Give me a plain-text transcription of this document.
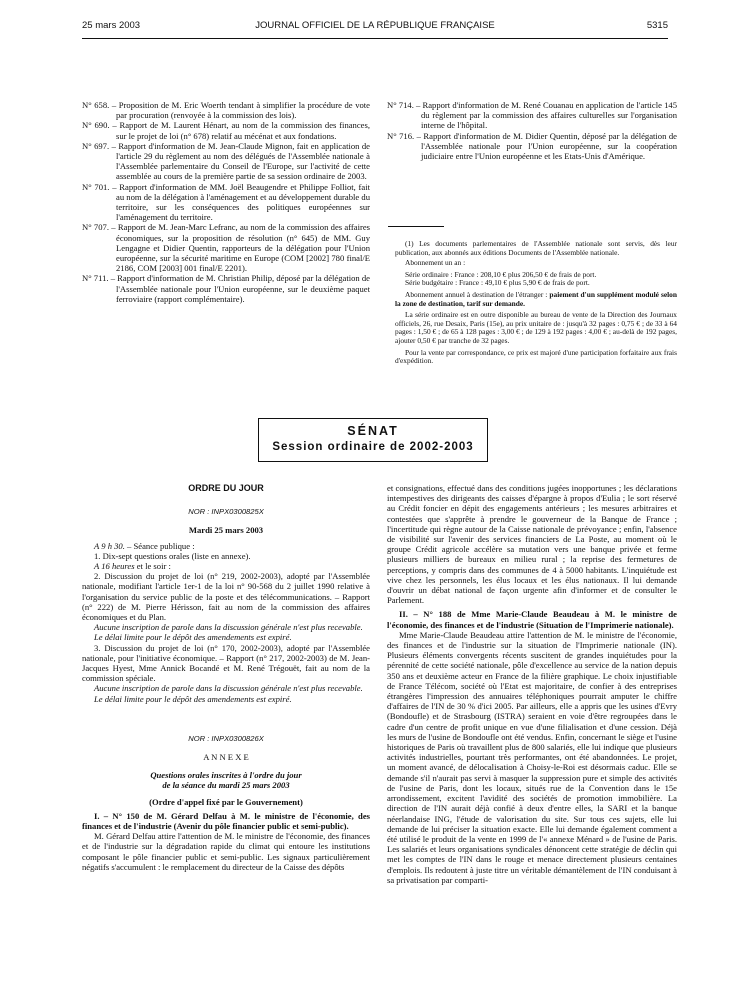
25 mars 2003	JOURNAL OFFICIEL DE LA RÉPUBLIQUE FRANÇAISE	5315

N° 658. – Proposition de M. Eric Woerth tendant à simplifier la procédure de vote par procuration (renvoyée à la commission des lois).

N° 690. – Rapport de M. Laurent Hénart, au nom de la commission des finances, sur le projet de loi (n° 678) relatif au mécénat et aux fondations.

N° 697. – Rapport d'information de M. Jean-Claude Mignon, fait en application de l'article 29 du règlement au nom des délégués de l'Assemblée nationale à l'Assemblée parlementaire du Conseil de l'Europe, sur l'activité de cette assemblée au cours de la première partie de sa session ordinaire de 2003.

N° 701. – Rapport d'information de MM. Joël Beaugendre et Philippe Folliot, fait au nom de la délégation à l'aménagement et au développement durable du territoire, sur les conséquences des politiques européennes sur l'aménagement du territoire.

N° 707. – Rapport de M. Jean-Marc Lefranc, au nom de la commission des affaires économiques, sur la proposition de résolution (n° 645) de MM. Guy Lengagne et Didier Quentin, rapporteurs de la délégation pour l'Union européenne, sur la sécurité maritime en Europe (COM [2002] 780 final/E 2186, COM [2003] 001 final/E 2201).

N° 711. – Rapport d'information de M. Christian Philip, déposé par la délégation de l'Assemblée nationale pour l'Union européenne, sur le deuxième paquet ferroviaire (rapport complémentaire).

N° 714. – Rapport d'information de M. René Couanau en application de l'article 145 du règlement par la commission des affaires culturelles sur l'organisation interne de l'hôpital.

N° 716. – Rapport d'information de M. Didier Quentin, déposé par la délégation de l'Assemblée nationale pour l'Union européenne, sur la coopération judiciaire entre l'Union européenne et les Etats-Unis d'Amérique.

(1) Les documents parlementaires de l'Assemblée nationale sont servis, dès leur publication, aux abonnés aux éditions Documents de l'Assemblée nationale.

Abonnement un an :

Série ordinaire : France : 208,10 € plus 206,50 € de frais de port.

Série budgétaire : France : 49,10 € plus 5,90 € de frais de port.

Abonnement annuel à destination de l'étranger : paiement d'un supplément modulé selon la zone de destination, tarif sur demande.

La série ordinaire est en outre disponible au bureau de vente de la Direction des Journaux officiels, 26, rue Desaix, Paris (15e), au prix unitaire de : jusqu'à 32 pages : 0,75 € ; de 33 à 64 pages : 1,50 € ; de 65 à 128 pages : 3,00 € ; de 129 à 192 pages : 4,00 € ; au-delà de 192 pages, ajouter 0,50 € par tranche de 32 pages.

Pour la vente par correspondance, ce prix est majoré d'une participation forfaitaire aux frais d'expédition.

SÉNAT
Session ordinaire de 2002-2003

ORDRE DU JOUR

NOR : INPX0300825X

Mardi 25 mars 2003

A 9 h 30. – Séance publique :

1. Dix-sept questions orales (liste en annexe).

A 16 heures et le soir :

2. Discussion du projet de loi (n° 219, 2002-2003), adopté par l'Assemblée nationale, modifiant l'article 1er-1 de la loi n° 90-568 du 2 juillet 1990 relative à l'organisation du service public de la poste et des télécommunications. – Rapport (n° 222) de M. Pierre Hérisson, fait au nom de la commission des affaires économiques et du Plan.

Aucune inscription de parole dans la discussion générale n'est plus recevable.

Le délai limite pour le dépôt des amendements est expiré.

3. Discussion du projet de loi (n° 170, 2002-2003), adopté par l'Assemblée nationale, pour l'initiative économique. – Rapport (n° 217, 2002-2003) de M. Jean-Jacques Hyest, Mme Annick Bocandé et M. René Trégouët, fait au nom de la commission spéciale.

Aucune inscription de parole dans la discussion générale n'est plus recevable.

Le délai limite pour le dépôt des amendements est expiré.

NOR : INPX0300826X

A N N E X E

Questions orales inscrites à l'ordre du jour

de la séance du mardi 25 mars 2003

(Ordre d'appel fixé par le Gouvernement)

I. – N° 150 de M. Gérard Delfau à M. le ministre de l'économie, des finances et de l'industrie (Avenir du pôle financier public et semi-public).

M. Gérard Delfau attire l'attention de M. le ministre de l'économie, des finances et de l'industrie sur la dégradation rapide du climat qui entoure les institutions composant le pôle financier public et semi-public. Les signaux particulièrement négatifs s'accumulent : le remplacement du directeur de la Caisse des dépôts

et consignations, effectué dans des conditions jugées inopportunes ; les déclarations intempestives des dirigeants des caisses d'épargne à propos d'Eulia ; le sort réservé au Crédit foncier en dépit des engagements antérieurs ; les mesures arbitraires et contestées que s'apprête à prendre le gouverneur de la Banque de France ; l'incertitude qui règne autour de la Caisse nationale de prévoyance ; enfin, l'absence de visibilité sur l'avenir des services financiers de La Poste, au moment où le groupe Crédit agricole accélère sa mutation vers une banque privée et ferme plusieurs milliers de bureaux en milieu rural ; la reprise des fermetures de perceptions, y compris dans des communes de 4 à 5000 habitants. L'inquiétude est vive chez les personnels, les élus locaux et les élus nationaux. Il lui demande d'ouvrir un débat national de façon urgente afin d'informer et de consulter le Parlement.

II. – N° 188 de Mme Marie-Claude Beaudeau à M. le ministre de l'économie, des finances et de l'industrie (Situation de l'Imprimerie nationale).

Mme Marie-Claude Beaudeau attire l'attention de M. le ministre de l'économie, des finances et de l'industrie sur la situation de l'Imprimerie nationale (IN). Plusieurs éléments convergents récents suscitent de grandes inquiétudes pour la pérennité de cette société nationale, pôle d'excellence au service de la nation depuis 350 ans et deuxième acteur en France de la filière graphique. Le choix injustifiable de France Télécom, société où l'Etat est majoritaire, de confier à des entreprises étrangères l'impression des annuaires téléphoniques pourrait amputer le chiffre d'affaires de l'IN de 30 % d'ici 2005. Par ailleurs, elle a appris que les usines d'Evry (Bondoufle) et de Strasbourg (ISTRA) seraient en voie d'être regroupées dans le cadre d'un centre de profit unique en vue d'une filialisation et d'une cession. Déjà les murs de l'usine de Bondoufle ont été vendus. Enfin, concernant le siège et l'usine historiques de Paris où travaillent plus de 800 salariés, elle lui indique que plusieurs activités industrielles, pourtant très performantes, ont été abandonnées. Le projet, un moment avancé, de délocalisation à Choisy-le-Roi est désormais caduc. Elle se demande s'il n'aurait pas servi à masquer la suppression pure et simple des activités de l'usine de Paris, dont les locaux, situés rue de la Convention dans le 15e arrondissement, excitent l'avidité des sociétés de promotion immobilière. La direction de l'IN aurait déjà confié à deux d'entre elles, la SARI et la banque néerlandaise ING, l'étude de valorisation du site. Sur tous ces sujets, elle lui demande de lui préciser la situation exacte. Elle lui demande également comment a été utilisé le produit de la vente en 1999 de l'« annexe Ménard » de l'usine de Paris. Les salariés et leurs organisations syndicales dénoncent cette stratégie de déclin qui met les comptes de l'IN dans le rouge et menace directement plusieurs centaines d'emplois. Ils redoutent à juste titre un véritable démantèlement de l'IN conduisant à sa privatisation par comparti-
